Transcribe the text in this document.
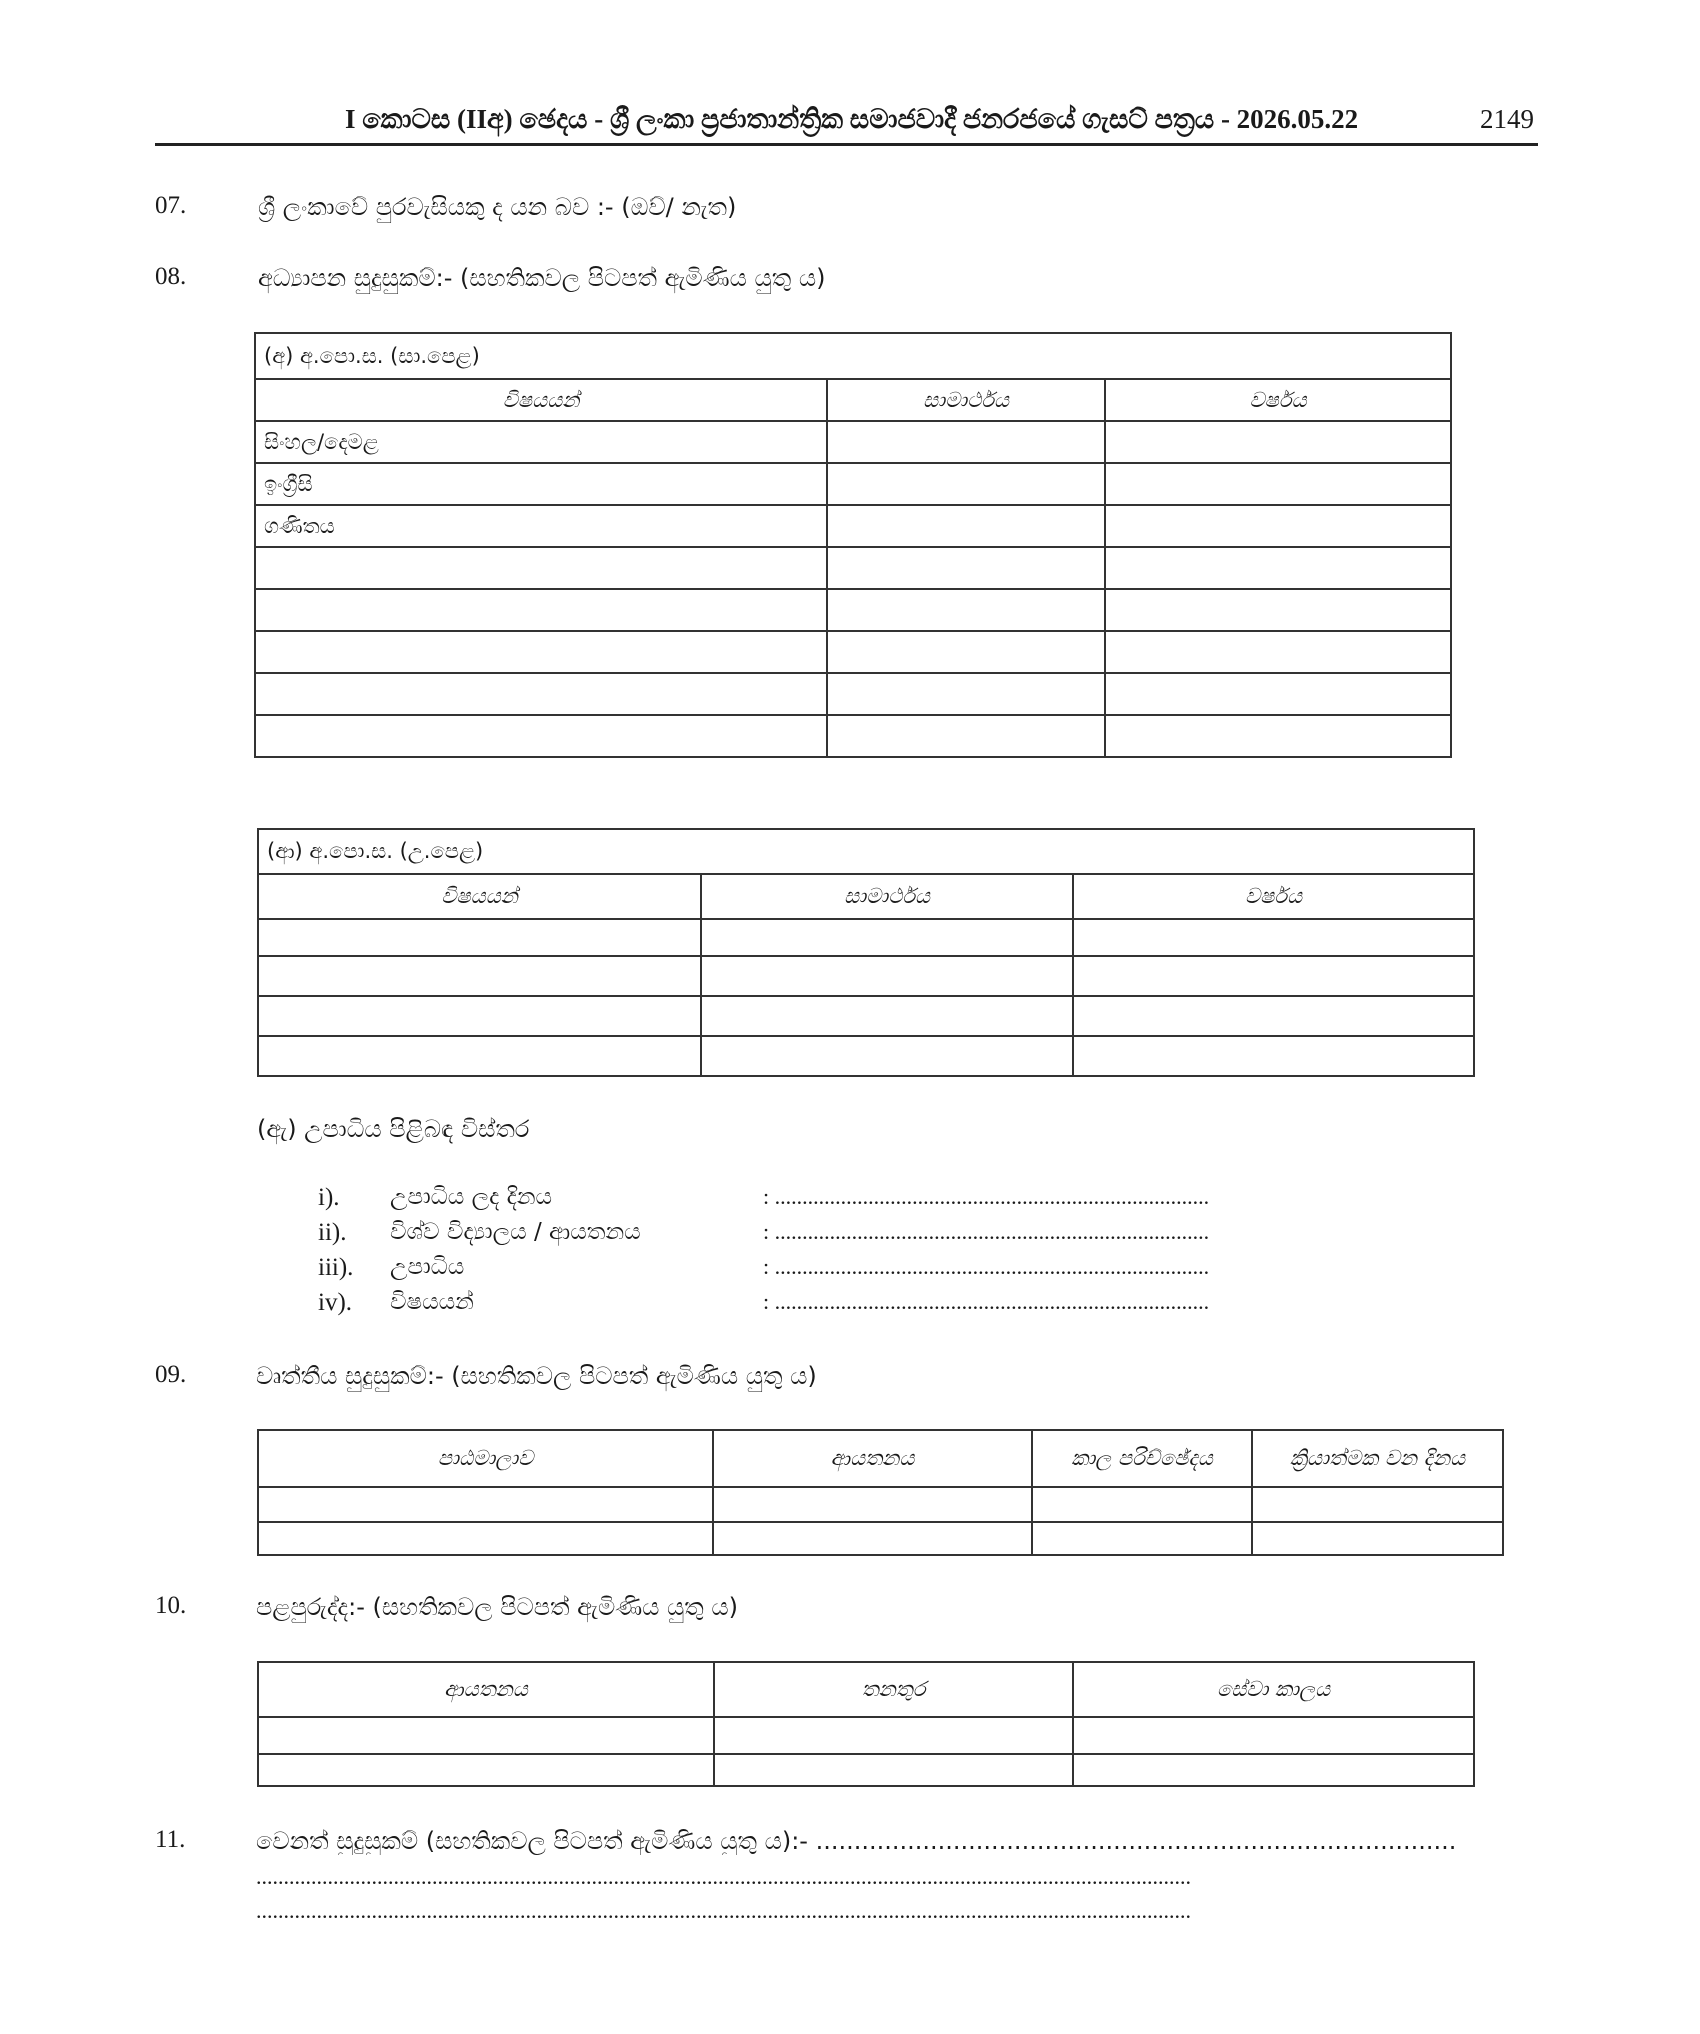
I කොටස (IIඅ) ඡෙදය - ශ්‍රී ලංකා ප්‍රජාතාන්ත්‍රික සමාජවාදී ජනරජයේ ගැසට් පත්‍රය - 2026.05.22	2149
07.	ශ්‍රී ලංකාවේ පුරවැසියකු ද යන බව :- (ඔව්/ නැත)
08.	අධ්‍යාපන සුදුසුකම්:- (සහතිකවල පිටපත් ඇමිණිය යුතු ය)
(අ) අ.පො.ස. (සා.පෙළ)		
විෂයයන්	සාමාර්ථය	වර්ෂය
සිංහල/දෙමළ		
ඉංග්‍රීසි		
ගණිතය		

(ආ) අ.පො.ස. (උ.පෙළ)		
විෂයයන්	සාමාර්ථය	වර්ෂය

(ඇ) උපාධිය පිළිබඳ විස්තර
i). උපාධිය ලද දිනය	: ...............................................................................
ii). විශ්ව විද්‍යාලය / ආයතනය	: ...............................................................................
iii). උපාධිය	: ...............................................................................
iv). විෂයයන්	: ...............................................................................
09.	වෘත්තීය සුදුසුකම්:- (සහතිකවල පිටපත් ඇමිණිය යුතු ය)
පාඨමාලාව	ආයතනය	කාල පරිච්ඡේදය	ක්‍රියාත්මක වන දිනය

10.	පළපුරුද්ද:- (සහතිකවල පිටපත් ඇමිණිය යුතු ය)
ආයතනය	තනතුර	සේවා කාලය

11.	වෙනත් සුදුසුකම් (සහතිකවල පිටපත් ඇමිණිය යුතු ය):- ....................................................................................
..........................................................................................................................................................................
..........................................................................................................................................................................
